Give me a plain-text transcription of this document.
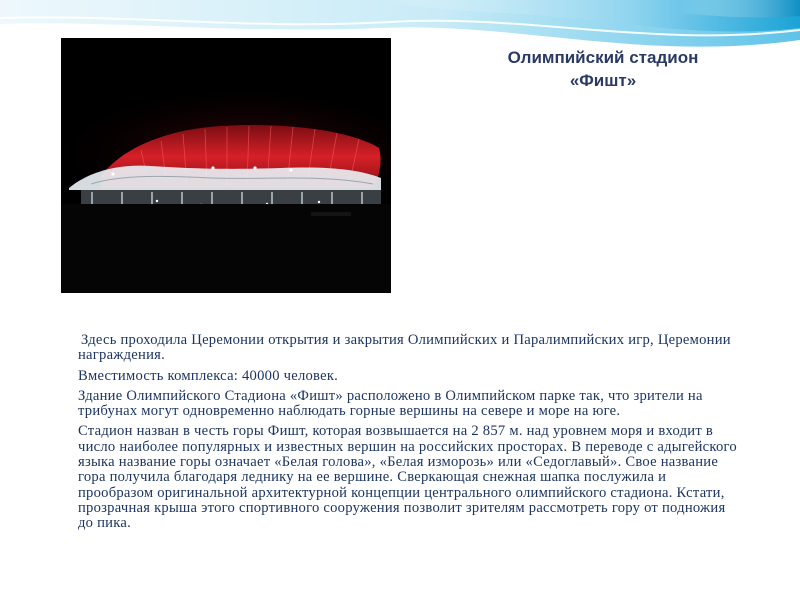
Олимпийский стадион
«Фишт»

Здесь проходила Церемонии открытия и закрытия Олимпийских и Паралимпийских игр, Церемонии награждения.

Вместимость комплекса: 40000 человек.

Здание Олимпийского Стадиона «Фишт» расположено в Олимпийском парке так, что зрители на трибунах могут одновременно наблюдать горные вершины на севере и море на юге.

Стадион назван в честь горы Фишт, которая возвышается на 2 857 м. над уровнем моря и входит в число наиболее популярных и известных вершин на российских просторах. В переводе с адыгейского языка название горы означает «Белая голова», «Белая изморозь» или «Седоглавый». Свое название гора получила благодаря леднику на ее вершине. Сверкающая снежная шапка послужила и прообразом оригинальной архитектурной концепции центрального олимпийского стадиона. Кстати, прозрачная крыша этого спортивного сооружения позволит зрителям рассмотреть гору от подножия до пика.
